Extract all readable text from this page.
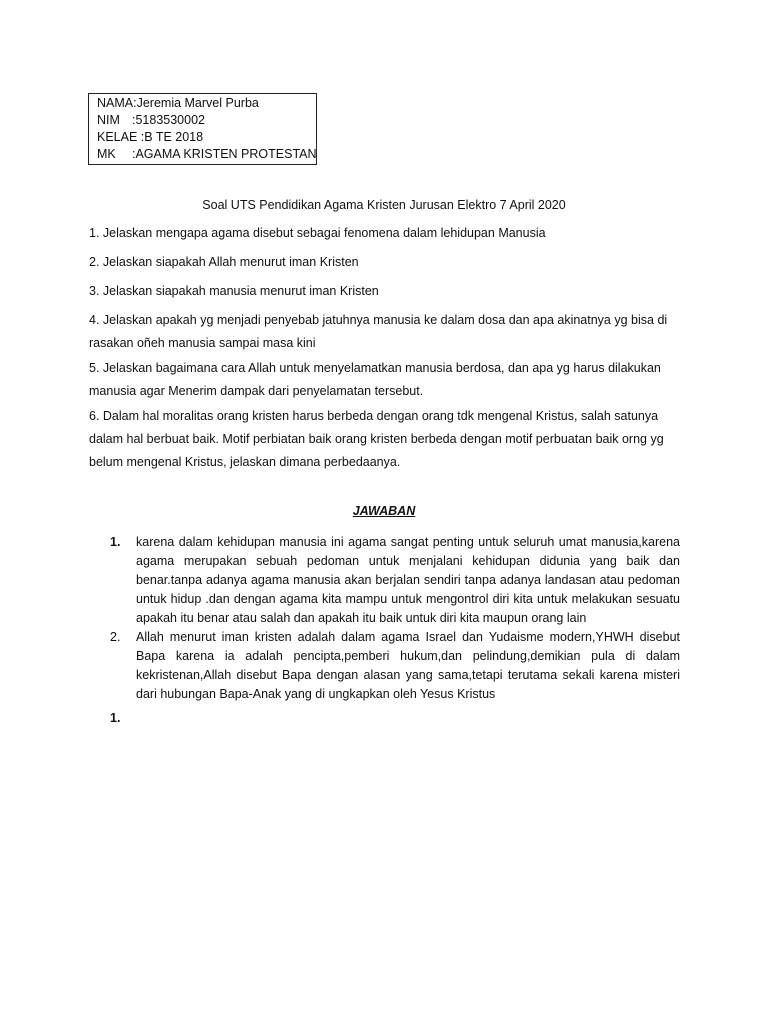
NAMA:Jeremia Marvel Purba
NIM :5183530002
KELAE :B TE 2018
MK :AGAMA KRISTEN PROTESTAN
Soal UTS Pendidikan Agama Kristen Jurusan Elektro 7 April 2020
1. Jelaskan mengapa agama disebut sebagai fenomena dalam lehidupan Manusia
2. Jelaskan siapakah Allah menurut iman Kristen
3. Jelaskan siapakah manusia menurut iman Kristen
4. Jelaskan apakah yg menjadi penyebab jatuhnya manusia ke dalam dosa dan apa akinatnya yg bisa di rasakan oñeh manusia sampai masa kini
5. Jelaskan bagaimana cara Allah untuk menyelamatkan manusia berdosa, dan apa yg harus dilakukan manusia agar Menerim dampak dari penyelamatan tersebut.
6. Dalam hal moralitas orang kristen harus berbeda dengan orang tdk mengenal Kristus, salah satunya dalam hal berbuat baik. Motif perbiatan baik orang kristen berbeda dengan motif perbuatan baik orng yg belum mengenal Kristus, jelaskan dimana perbedaanya.
JAWABAN
1.	karena dalam kehidupan manusia ini agama sangat penting untuk seluruh umat manusia,karena agama merupakan sebuah pedoman untuk menjalani kehidupan didunia yang baik dan benar.tanpa adanya agama manusia akan berjalan sendiri tanpa adanya landasan atau pedoman untuk hidup .dan dengan agama kita mampu untuk mengontrol diri kita untuk melakukan sesuatu apakah itu benar atau salah dan apakah itu baik untuk diri kita maupun orang lain
2.	Allah menurut iman kristen adalah dalam agama Israel dan Yudaisme modern,YHWH disebut Bapa karena ia adalah pencipta,pemberi hukum,dan pelindung,demikian pula di dalam kekristenan,Allah disebut Bapa dengan alasan yang sama,tetapi terutama sekali karena misteri dari hubungan Bapa-Anak yang di ungkapkan oleh Yesus Kristus
1.
